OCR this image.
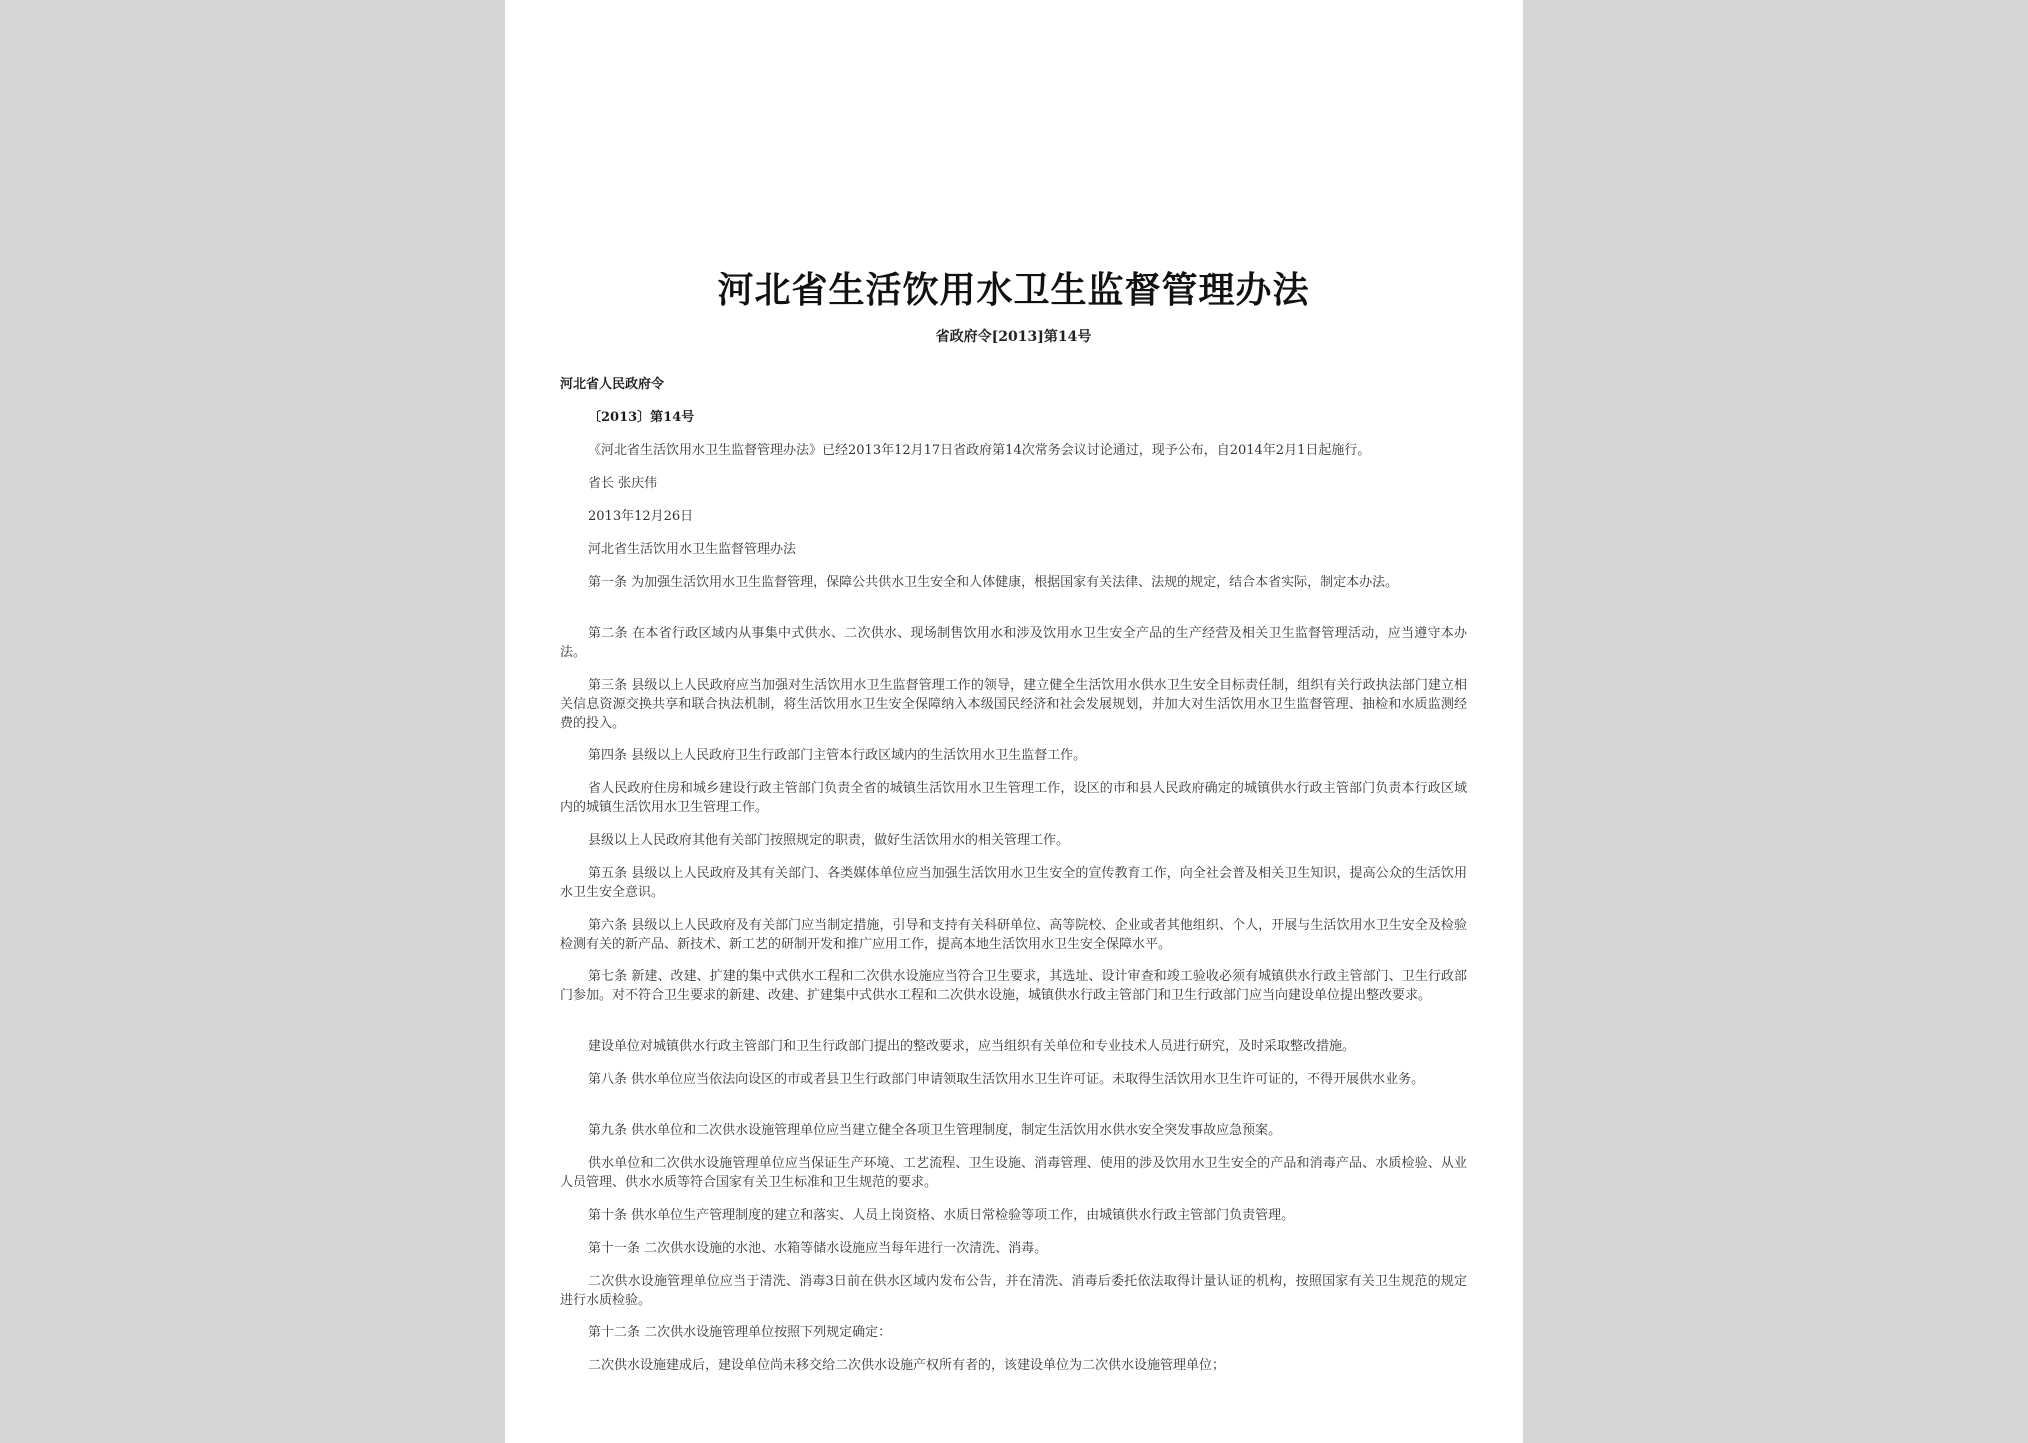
河北省生活饮用水卫生监督管理办法
省政府令[2013]第14号
河北省人民政府令
〔2013〕第14号
《河北省生活饮用水卫生监督管理办法》已经2013年12月17日省政府第14次常务会议讨论通过，现予公布，自2014年2月1日起施行。
省长 张庆伟
2013年12月26日
河北省生活饮用水卫生监督管理办法
第一条 为加强生活饮用水卫生监督管理，保障公共供水卫生安全和人体健康，根据国家有关法律、法规的规定，结合本省实际，制定本办法。
第二条 在本省行政区域内从事集中式供水、二次供水、现场制售饮用水和涉及饮用水卫生安全产品的生产经营及相关卫生监督管理活动，应当遵守本办法。
第三条 县级以上人民政府应当加强对生活饮用水卫生监督管理工作的领导，建立健全生活饮用水供水卫生安全目标责任制，组织有关行政执法部门建立相关信息资源交换共享和联合执法机制，将生活饮用水卫生安全保障纳入本级国民经济和社会发展规划，并加大对生活饮用水卫生监督管理、抽检和水质监测经费的投入。
第四条 县级以上人民政府卫生行政部门主管本行政区域内的生活饮用水卫生监督工作。
省人民政府住房和城乡建设行政主管部门负责全省的城镇生活饮用水卫生管理工作，设区的市和县人民政府确定的城镇供水行政主管部门负责本行政区域内的城镇生活饮用水卫生管理工作。
县级以上人民政府其他有关部门按照规定的职责，做好生活饮用水的相关管理工作。
第五条 县级以上人民政府及其有关部门、各类媒体单位应当加强生活饮用水卫生安全的宣传教育工作，向全社会普及相关卫生知识，提高公众的生活饮用水卫生安全意识。
第六条 县级以上人民政府及有关部门应当制定措施，引导和支持有关科研单位、高等院校、企业或者其他组织、个人，开展与生活饮用水卫生安全及检验检测有关的新产品、新技术、新工艺的研制开发和推广应用工作，提高本地生活饮用水卫生安全保障水平。
第七条 新建、改建、扩建的集中式供水工程和二次供水设施应当符合卫生要求，其选址、设计审查和竣工验收必须有城镇供水行政主管部门、卫生行政部门参加。对不符合卫生要求的新建、改建、扩建集中式供水工程和二次供水设施，城镇供水行政主管部门和卫生行政部门应当向建设单位提出整改要求。
建设单位对城镇供水行政主管部门和卫生行政部门提出的整改要求，应当组织有关单位和专业技术人员进行研究，及时采取整改措施。
第八条 供水单位应当依法向设区的市或者县卫生行政部门申请领取生活饮用水卫生许可证。未取得生活饮用水卫生许可证的，不得开展供水业务。
第九条 供水单位和二次供水设施管理单位应当建立健全各项卫生管理制度，制定生活饮用水供水安全突发事故应急预案。
供水单位和二次供水设施管理单位应当保证生产环境、工艺流程、卫生设施、消毒管理、使用的涉及饮用水卫生安全的产品和消毒产品、水质检验、从业人员管理、供水水质等符合国家有关卫生标准和卫生规范的要求。
第十条 供水单位生产管理制度的建立和落实、人员上岗资格、水质日常检验等项工作，由城镇供水行政主管部门负责管理。
第十一条 二次供水设施的水池、水箱等储水设施应当每年进行一次清洗、消毒。
二次供水设施管理单位应当于清洗、消毒3日前在供水区域内发布公告，并在清洗、消毒后委托依法取得计量认证的机构，按照国家有关卫生规范的规定进行水质检验。
第十二条 二次供水设施管理单位按照下列规定确定：
二次供水设施建成后，建设单位尚未移交给二次供水设施产权所有者的，该建设单位为二次供水设施管理单位；
